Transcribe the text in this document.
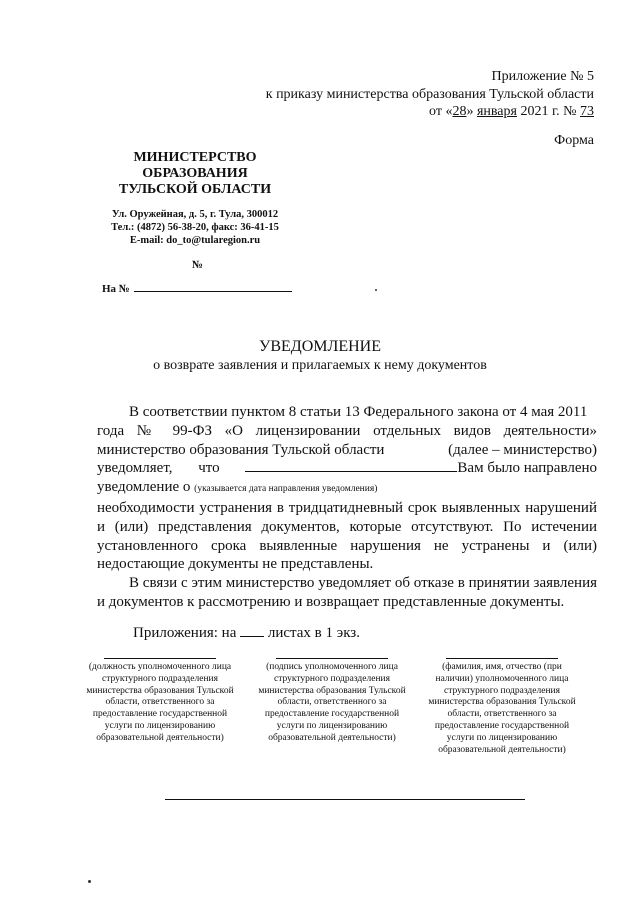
Приложение № 5
к приказу министерства образования Тульской области
от «28» января 2021 г. № 73
Форма
МИНИСТЕРСТВО
ОБРАЗОВАНИЯ
ТУЛЬСКОЙ ОБЛАСТИ
Ул. Оружейная, д. 5, г. Тула, 300012
Тел.: (4872) 56-38-20, факс: 36-41-15
E-mail: do_to@tularegion.ru
№
На №
УВЕДОМЛЕНИЕ
о возврате заявления и прилагаемых к нему документов
В соответствии пунктом 8 статьи 13 Федерального закона от 4 мая 2011
года № 99-ФЗ «О лицензировании отдельных видов деятельности»
министерство образования Тульской области	(далее – министерство)
уведомляет, что	Вам было направлено
уведомление о (указывается дата направления уведомления)

необходимости устранения в тридцатидневный срок выявленных нарушений и (или) представления документов, которые отсутствуют. По истечении установленного срока выявленные нарушения не устранены и (или) недостающие документы не представлены.

В связи с этим министерство уведомляет об отказе в принятии заявления и документов к рассмотрению и возвращает представленные документы.

Приложения: на листах в 1 экз.
(должность уполномоченного лица структурного подразделения министерства образования Тульской области, ответственного за предоставление государственной услуги по лицензированию образовательной деятельности)
(подпись уполномоченного лица структурного подразделения министерства образования Тульской области, ответственного за предоставление государственной услуги по лицензированию образовательной деятельности)
(фамилия, имя, отчество (при наличии) уполномоченного лица структурного подразделения министерства образования Тульской области, ответственного за предоставление государственной услуги по лицензированию образовательной деятельности)
